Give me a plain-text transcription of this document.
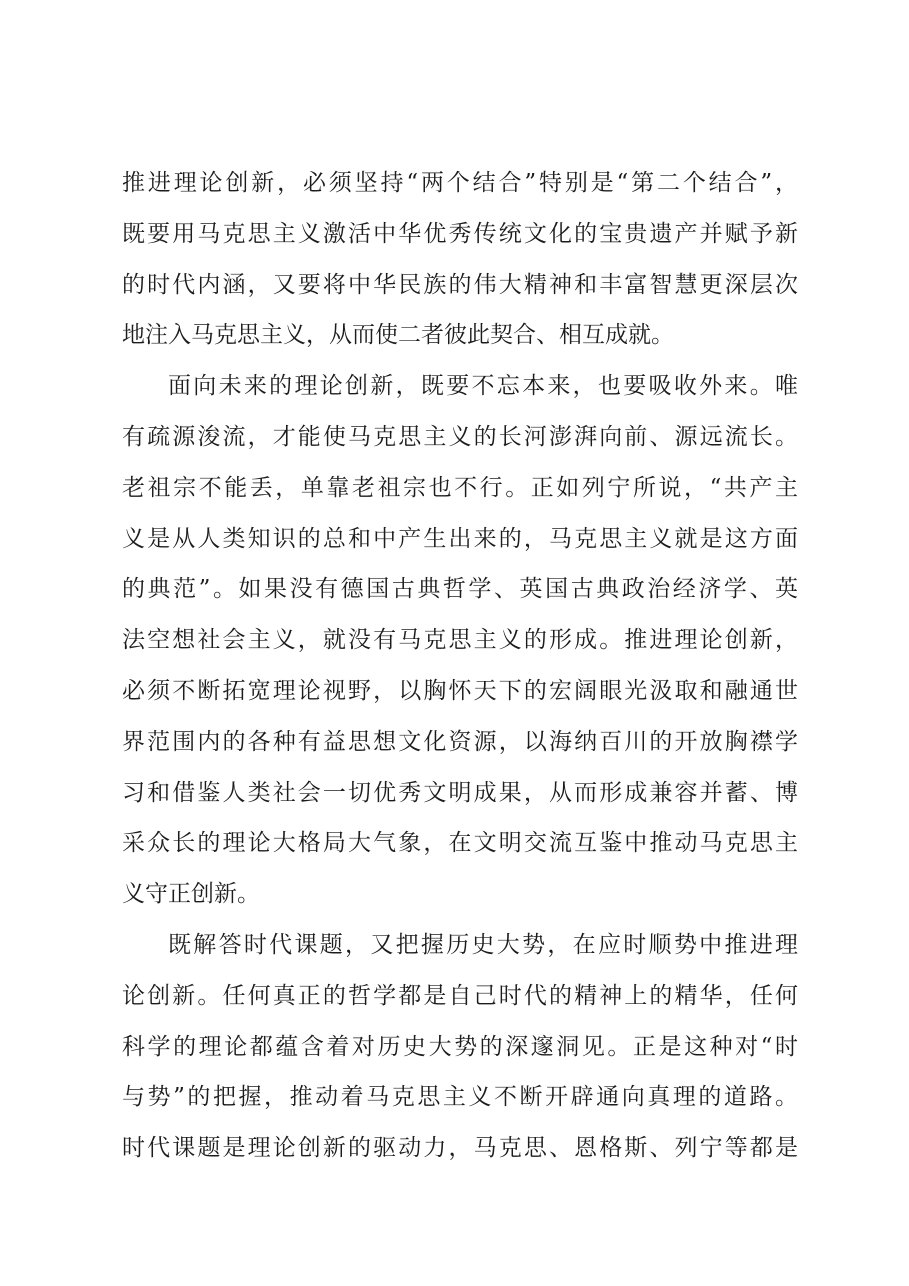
推进理论创新，必须坚持“两个结合”特别是“第二个结合”，
既要用马克思主义激活中华优秀传统文化的宝贵遗产并赋予新
的时代内涵，又要将中华民族的伟大精神和丰富智慧更深层次
地注入马克思主义，从而使二者彼此契合、相互成就。
面向未来的理论创新，既要不忘本来，也要吸收外来。唯
有疏源浚流，才能使马克思主义的长河澎湃向前、源远流长。
老祖宗不能丢，单靠老祖宗也不行。正如列宁所说，“共产主
义是从人类知识的总和中产生出来的，马克思主义就是这方面
的典范”。如果没有德国古典哲学、英国古典政治经济学、英
法空想社会主义，就没有马克思主义的形成。推进理论创新，
必须不断拓宽理论视野，以胸怀天下的宏阔眼光汲取和融通世
界范围内的各种有益思想文化资源，以海纳百川的开放胸襟学
习和借鉴人类社会一切优秀文明成果，从而形成兼容并蓄、博
采众长的理论大格局大气象，在文明交流互鉴中推动马克思主
义守正创新。
既解答时代课题，又把握历史大势，在应时顺势中推进理
论创新。任何真正的哲学都是自己时代的精神上的精华，任何
科学的理论都蕴含着对历史大势的深邃洞见。正是这种对“时
与势”的把握，推动着马克思主义不断开辟通向真理的道路。
时代课题是理论创新的驱动力，马克思、恩格斯、列宁等都是
